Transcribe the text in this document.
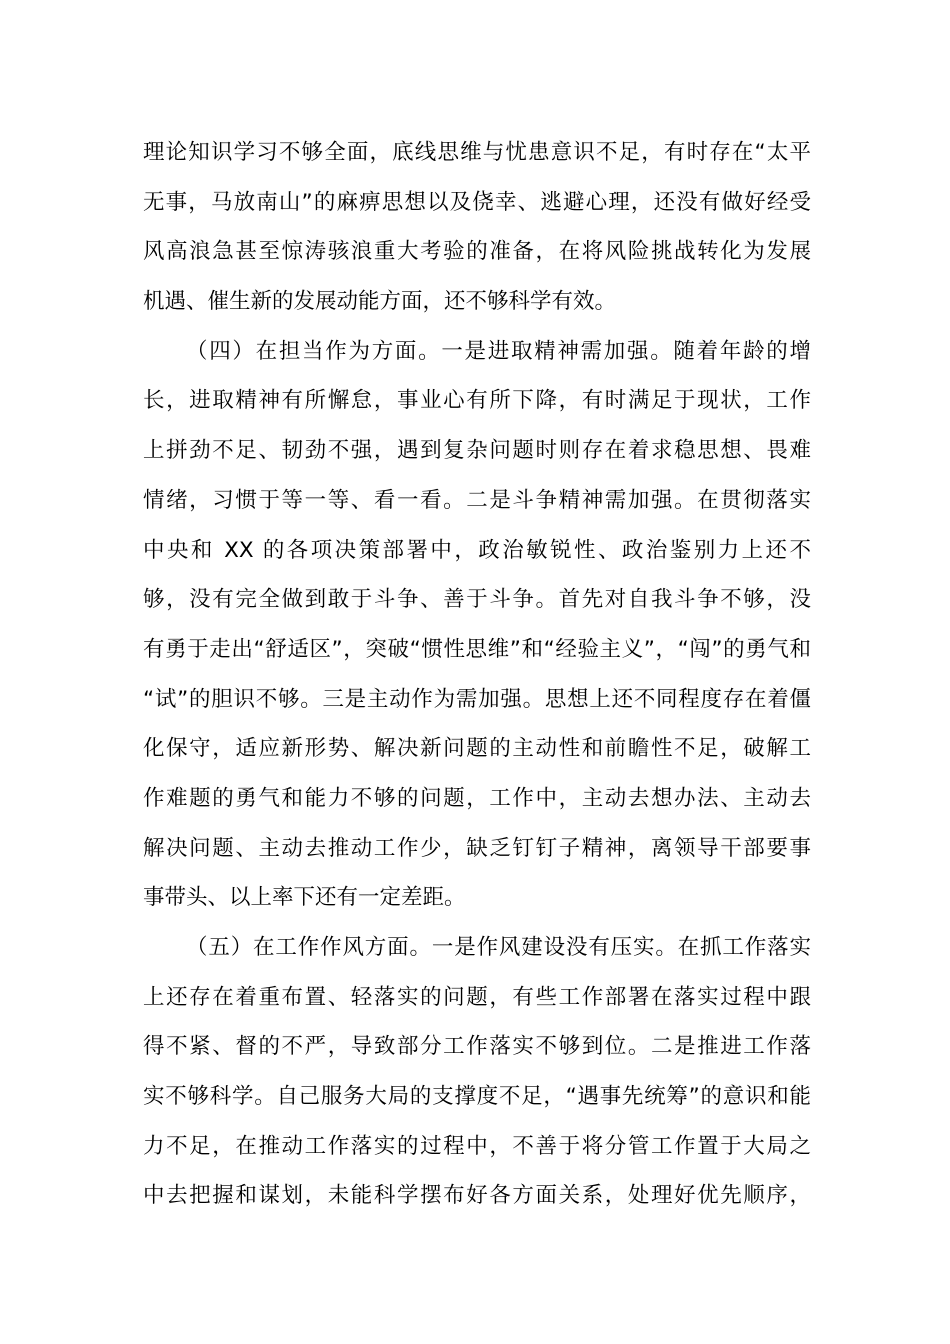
理论知识学习不够全面，底线思维与忧患意识不足，有时存在“太平
无事，马放南山”的麻痹思想以及侥幸、逃避心理，还没有做好经受
风高浪急甚至惊涛骇浪重大考验的准备，在将风险挑战转化为发展
机遇、催生新的发展动能方面，还不够科学有效。
（四）在担当作为方面。一是进取精神需加强。随着年龄的增
长，进取精神有所懈怠，事业心有所下降，有时满足于现状，工作
上拼劲不足、韧劲不强，遇到复杂问题时则存在着求稳思想、畏难
情绪，习惯于等一等、看一看。二是斗争精神需加强。在贯彻落实
中央和 XX 的各项决策部署中，政治敏锐性、政治鉴别力上还不
够，没有完全做到敢于斗争、善于斗争。首先对自我斗争不够，没
有勇于走出“舒适区”，突破“惯性思维”和“经验主义”，“闯”的勇气和
“试”的胆识不够。三是主动作为需加强。思想上还不同程度存在着僵
化保守，适应新形势、解决新问题的主动性和前瞻性不足，破解工
作难题的勇气和能力不够的问题，工作中，主动去想办法、主动去
解决问题、主动去推动工作少，缺乏钉钉子精神，离领导干部要事
事带头、以上率下还有一定差距。
（五）在工作作风方面。一是作风建设没有压实。在抓工作落实
上还存在着重布置、轻落实的问题，有些工作部署在落实过程中跟
得不紧、督的不严，导致部分工作落实不够到位。二是推进工作落
实不够科学。自己服务大局的支撑度不足，“遇事先统筹”的意识和能
力不足，在推动工作落实的过程中，不善于将分管工作置于大局之
中去把握和谋划，未能科学摆布好各方面关系，处理好优先顺序，
